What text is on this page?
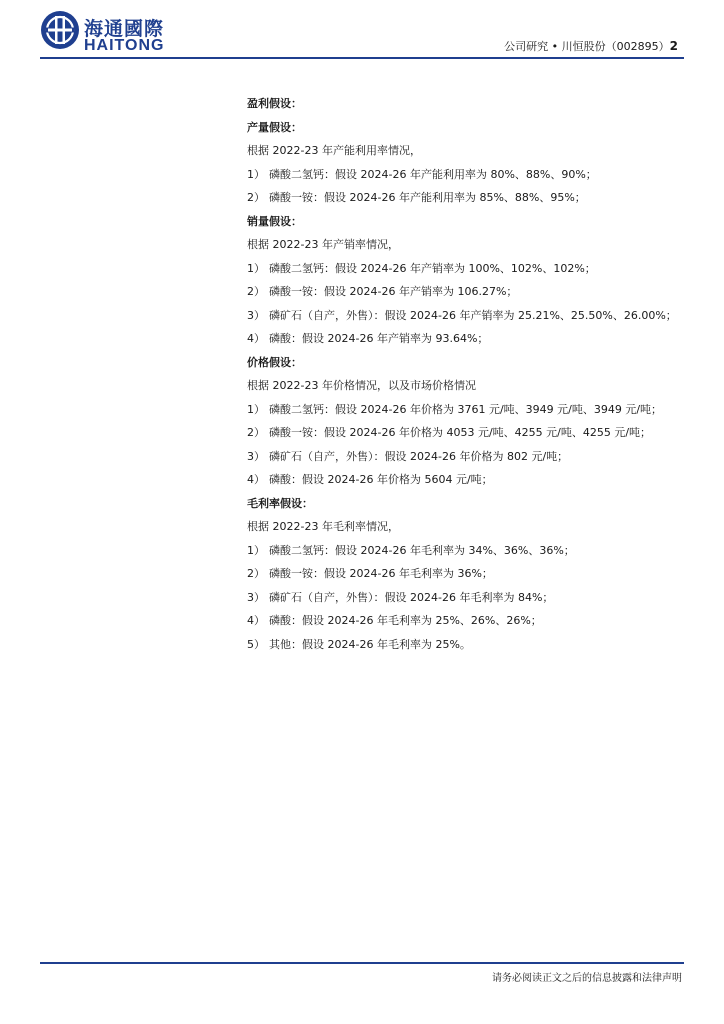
海通國際
HAITONG	公司研究 • 川恒股份（002895）2
盈利假设：
产量假设：
根据 2022-23 年产能利用率情况，
1） 磷酸二氢钙：假设 2024-26 年产能利用率为 80%、88%、90%；
2） 磷酸一铵：假设 2024-26 年产能利用率为 85%、88%、95%；
销量假设：
根据 2022-23 年产销率情况，
1） 磷酸二氢钙：假设 2024-26 年产销率为 100%、102%、102%；
2） 磷酸一铵：假设 2024-26 年产销率为 106.27%；
3） 磷矿石（自产，外售）：假设 2024-26 年产销率为 25.21%、25.50%、26.00%；
4） 磷酸：假设 2024-26 年产销率为 93.64%；
价格假设：
根据 2022-23 年价格情况，以及市场价格情况
1） 磷酸二氢钙：假设 2024-26 年价格为 3761 元/吨、3949 元/吨、3949 元/吨；
2） 磷酸一铵：假设 2024-26 年价格为 4053 元/吨、4255 元/吨、4255 元/吨；
3） 磷矿石（自产，外售）：假设 2024-26 年价格为 802 元/吨；
4） 磷酸：假设 2024-26 年价格为 5604 元/吨；
毛利率假设：
根据 2022-23 年毛利率情况，
1） 磷酸二氢钙：假设 2024-26 年毛利率为 34%、36%、36%；
2） 磷酸一铵：假设 2024-26 年毛利率为 36%；
3） 磷矿石（自产，外售）：假设 2024-26 年毛利率为 84%；
4） 磷酸：假设 2024-26 年毛利率为 25%、26%、26%；
5） 其他：假设 2024-26 年毛利率为 25%。
请务必阅读正文之后的信息披露和法律声明
